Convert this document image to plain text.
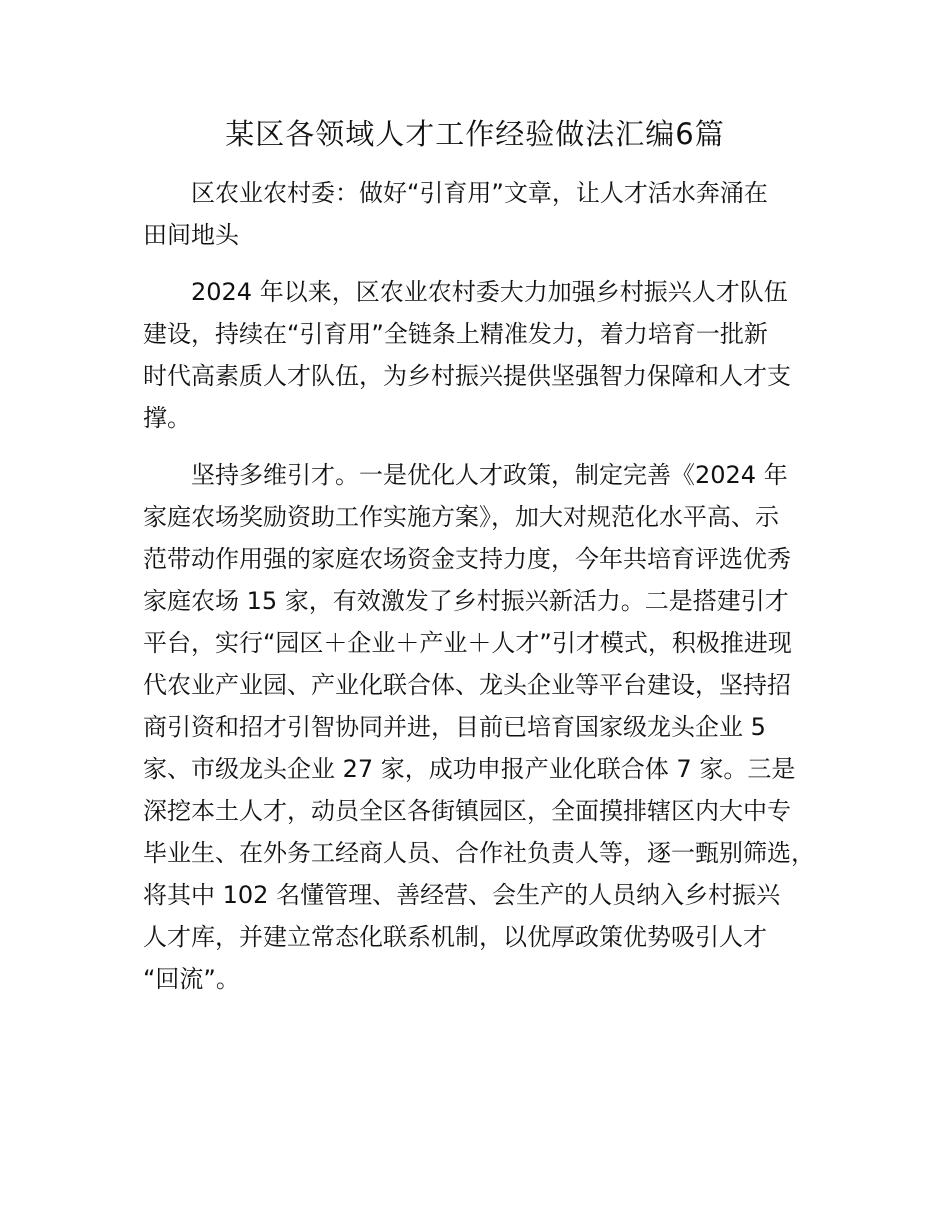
某区各领域人才工作经验做法汇编6篇
　　区农业农村委：做好“引育用”文章，让人才活水奔涌在
田间地头
　　2024 年以来，区农业农村委大力加强乡村振兴人才队伍
建设，持续在“引育用”全链条上精准发力，着力培育一批新
时代高素质人才队伍，为乡村振兴提供坚强智力保障和人才支
撑。
　　坚持多维引才。一是优化人才政策，制定完善《2024 年
家庭农场奖励资助工作实施方案》，加大对规范化水平高、示
范带动作用强的家庭农场资金支持力度，今年共培育评选优秀
家庭农场 15 家，有效激发了乡村振兴新活力。二是搭建引才
平台，实行“园区＋企业＋产业＋人才”引才模式，积极推进现
代农业产业园、产业化联合体、龙头企业等平台建设，坚持招
商引资和招才引智协同并进，目前已培育国家级龙头企业 5
家、市级龙头企业 27 家，成功申报产业化联合体 7 家。三是
深挖本土人才，动员全区各街镇园区，全面摸排辖区内大中专
毕业生、在外务工经商人员、合作社负责人等，逐一甄别筛选，
将其中 102 名懂管理、善经营、会生产的人员纳入乡村振兴
人才库，并建立常态化联系机制，以优厚政策优势吸引人才
“回流”。
